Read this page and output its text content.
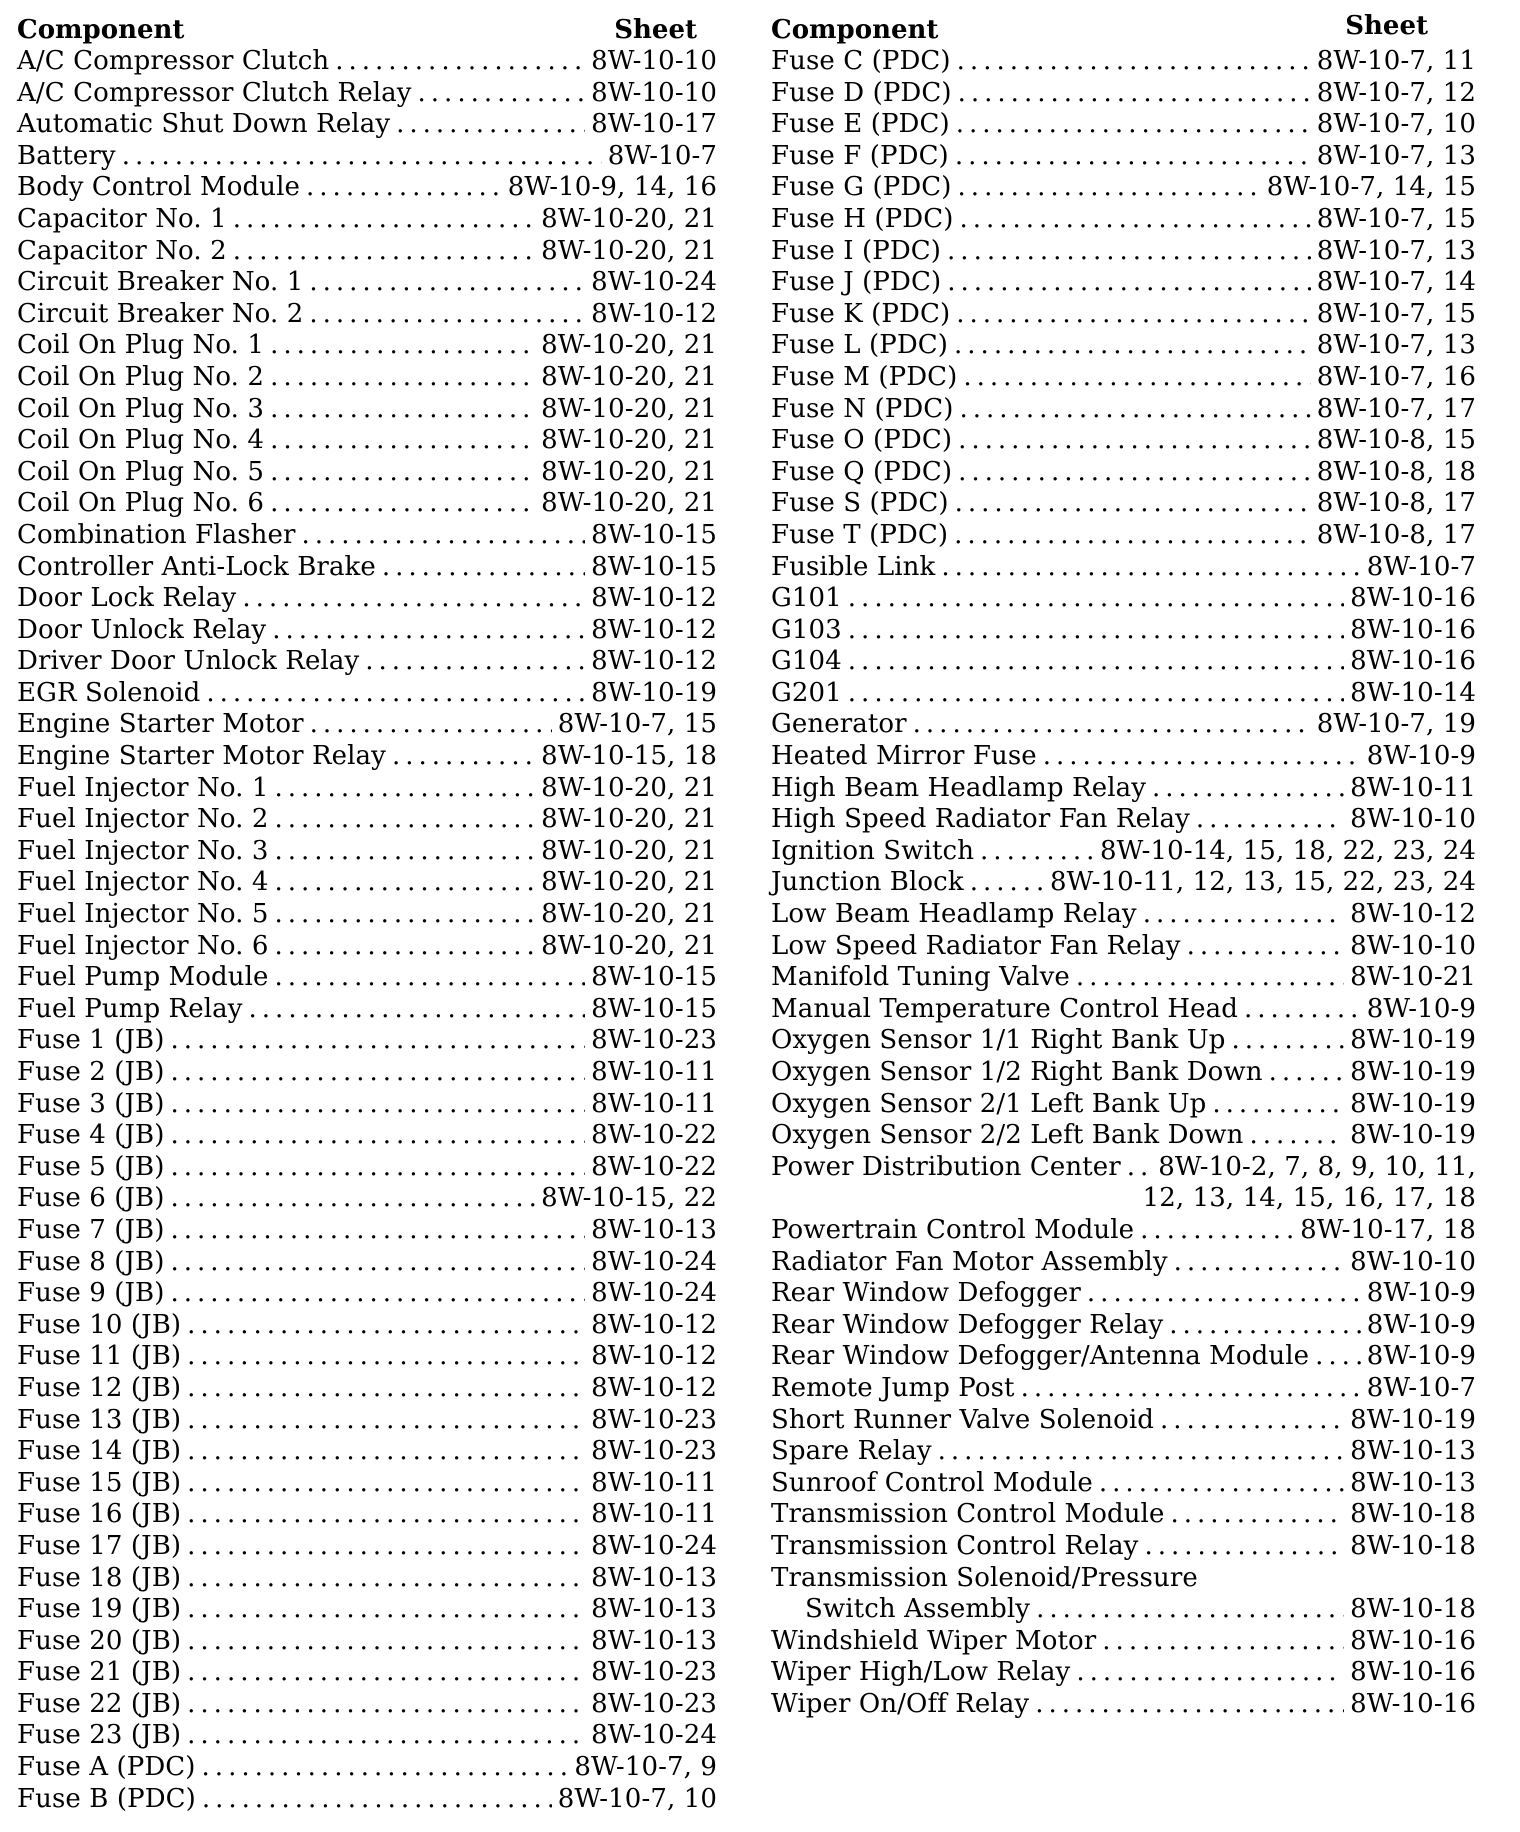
Component	Sheet
A/C Compressor Clutch .....	8W-10-10
A/C Compressor Clutch Relay .....	8W-10-10
Automatic Shut Down Relay .....	8W-10-17
Battery .....	8W-10-7
Body Control Module .....	8W-10-9, 14, 16
Capacitor No. 1 .....	8W-10-20, 21
Capacitor No. 2 .....	8W-10-20, 21
Circuit Breaker No. 1 .....	8W-10-24
Circuit Breaker No. 2 .....	8W-10-12
Coil On Plug No. 1 .....	8W-10-20, 21
Coil On Plug No. 2 .....	8W-10-20, 21
Coil On Plug No. 3 .....	8W-10-20, 21
Coil On Plug No. 4 .....	8W-10-20, 21
Coil On Plug No. 5 .....	8W-10-20, 21
Coil On Plug No. 6 .....	8W-10-20, 21
Combination Flasher .....	8W-10-15
Controller Anti-Lock Brake .....	8W-10-15
Door Lock Relay .....	8W-10-12
Door Unlock Relay .....	8W-10-12
Driver Door Unlock Relay .....	8W-10-12
EGR Solenoid .....	8W-10-19
Engine Starter Motor .....	8W-10-7, 15
Engine Starter Motor Relay .....	8W-10-15, 18
Fuel Injector No. 1 .....	8W-10-20, 21
Fuel Injector No. 2 .....	8W-10-20, 21
Fuel Injector No. 3 .....	8W-10-20, 21
Fuel Injector No. 4 .....	8W-10-20, 21
Fuel Injector No. 5 .....	8W-10-20, 21
Fuel Injector No. 6 .....	8W-10-20, 21
Fuel Pump Module .....	8W-10-15
Fuel Pump Relay .....	8W-10-15
Fuse 1 (JB) .....	8W-10-23
Fuse 2 (JB) .....	8W-10-11
Fuse 3 (JB) .....	8W-10-11
Fuse 4 (JB) .....	8W-10-22
Fuse 5 (JB) .....	8W-10-22
Fuse 6 (JB) .....	8W-10-15, 22
Fuse 7 (JB) .....	8W-10-13
Fuse 8 (JB) .....	8W-10-24
Fuse 9 (JB) .....	8W-10-24
Fuse 10 (JB) .....	8W-10-12
Fuse 11 (JB) .....	8W-10-12
Fuse 12 (JB) .....	8W-10-12
Fuse 13 (JB) .....	8W-10-23
Fuse 14 (JB) .....	8W-10-23
Fuse 15 (JB) .....	8W-10-11
Fuse 16 (JB) .....	8W-10-11
Fuse 17 (JB) .....	8W-10-24
Fuse 18 (JB) .....	8W-10-13
Fuse 19 (JB) .....	8W-10-13
Fuse 20 (JB) .....	8W-10-13
Fuse 21 (JB) .....	8W-10-23
Fuse 22 (JB) .....	8W-10-23
Fuse 23 (JB) .....	8W-10-24
Fuse A (PDC) .....	8W-10-7, 9
Fuse B (PDC) .....	8W-10-7, 10
Component	Sheet
Fuse C (PDC) .....	8W-10-7, 11
Fuse D (PDC) .....	8W-10-7, 12
Fuse E (PDC) .....	8W-10-7, 10
Fuse F (PDC) .....	8W-10-7, 13
Fuse G (PDC) .....	8W-10-7, 14, 15
Fuse H (PDC) .....	8W-10-7, 15
Fuse I (PDC) .....	8W-10-7, 13
Fuse J (PDC) .....	8W-10-7, 14
Fuse K (PDC) .....	8W-10-7, 15
Fuse L (PDC) .....	8W-10-7, 13
Fuse M (PDC) .....	8W-10-7, 16
Fuse N (PDC) .....	8W-10-7, 17
Fuse O (PDC) .....	8W-10-8, 15
Fuse Q (PDC) .....	8W-10-8, 18
Fuse S (PDC) .....	8W-10-8, 17
Fuse T (PDC) .....	8W-10-8, 17
Fusible Link .....	8W-10-7
G101 .....	8W-10-16
G103 .....	8W-10-16
G104 .....	8W-10-16
G201 .....	8W-10-14
Generator .....	8W-10-7, 19
Heated Mirror Fuse .....	8W-10-9
High Beam Headlamp Relay .....	8W-10-11
High Speed Radiator Fan Relay .....	8W-10-10
Ignition Switch .....	8W-10-14, 15, 18, 22, 23, 24
Junction Block .....	8W-10-11, 12, 13, 15, 22, 23, 24
Low Beam Headlamp Relay .....	8W-10-12
Low Speed Radiator Fan Relay .....	8W-10-10
Manifold Tuning Valve .....	8W-10-21
Manual Temperature Control Head .....	8W-10-9
Oxygen Sensor 1/1 Right Bank Up .....	8W-10-19
Oxygen Sensor 1/2 Right Bank Down .....	8W-10-19
Oxygen Sensor 2/1 Left Bank Up .....	8W-10-19
Oxygen Sensor 2/2 Left Bank Down .....	8W-10-19
Power Distribution Center ..... 8W-10-2, 7, 8, 9, 10, 11,
12, 13, 14, 15, 16, 17, 18
Powertrain Control Module .....	8W-10-17, 18
Radiator Fan Motor Assembly .....	8W-10-10
Rear Window Defogger .....	8W-10-9
Rear Window Defogger Relay .....	8W-10-9
Rear Window Defogger/Antenna Module ..... 8W-10-9
Remote Jump Post .....	8W-10-7
Short Runner Valve Solenoid .....	8W-10-19
Spare Relay .....	8W-10-13
Sunroof Control Module .....	8W-10-13
Transmission Control Module .....	8W-10-18
Transmission Control Relay .....	8W-10-18
Transmission Solenoid/Pressure
Switch Assembly .....	8W-10-18
Windshield Wiper Motor .....	8W-10-16
Wiper High/Low Relay .....	8W-10-16
Wiper On/Off Relay .....	8W-10-16
